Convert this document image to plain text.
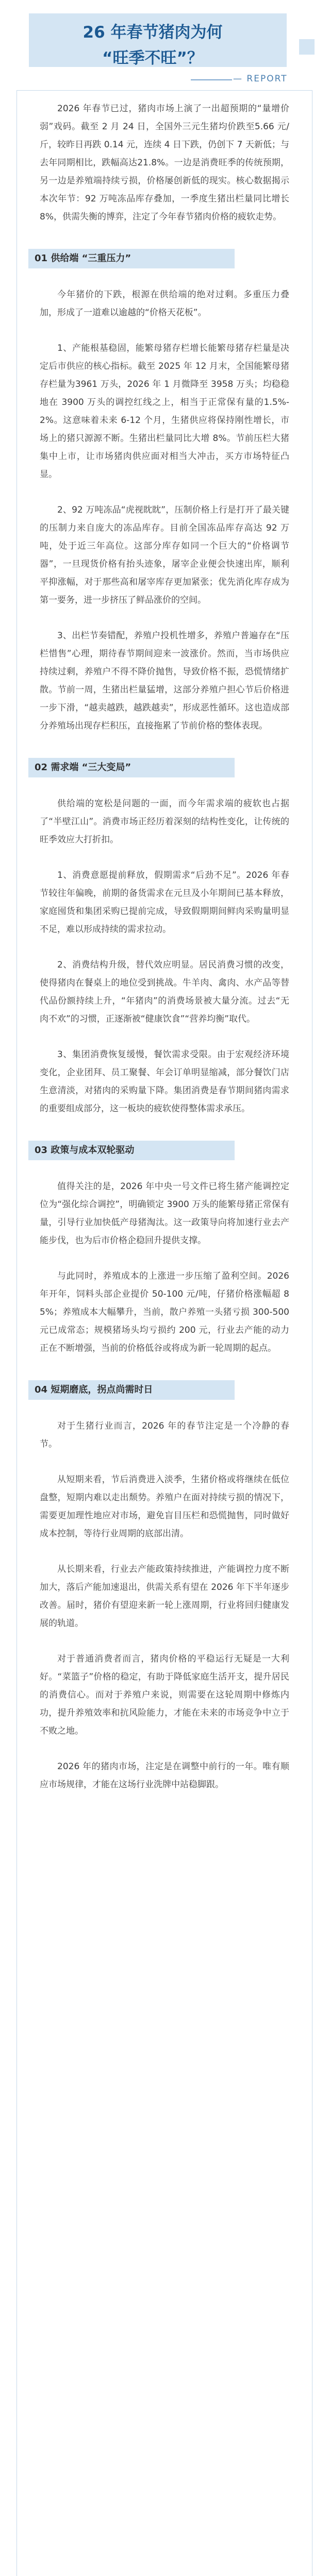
26 年春节猪肉为何
“旺季不旺”？
— REPORT

2026 年春节已过，猪肉市场上演了一出超预期的“量增价弱”戏码。截至 2 月 24 日，全国外三元生猪均价跌至5.66 元/斤，较昨日再跌 0.14 元，连续 4 日下跌，仍创下 7 天新低；与去年同期相比，跌幅高达21.8%。一边是消费旺季的传统预期，另一边是养殖端持续亏损，价格屡创新低的现实。核心数据揭示本次年节：92 万吨冻品库存叠加，一季度生猪出栏量同比增长 8%，供需失衡的博弈，注定了今年春节猪肉价格的疲软走势。

01 供给端 “三重压力”

今年猪价的下跌，根源在供给端的绝对过剩。多重压力叠加，形成了一道难以逾越的“价格天花板”。

1、产能根基稳固，能繁母猪存栏增长能繁母猪存栏量是决定后市供应的核心指标。截至 2025 年 12 月末，全国能繁母猪存栏量为3961 万头，2026 年 1 月微降至 3958 万头；均稳稳地在 3900 万头的调控红线之上，相当于正常保有量的1.5%-2%。这意味着未来 6-12 个月，生猪供应将保持刚性增长，市场上的猪只源源不断。生猪出栏量同比大增 8%。节前压栏大猪集中上市，让市场猪肉供应面对相当大冲击，买方市场特征凸显。

2、92 万吨冻品“虎视眈眈”，压制价格上行是打开了最关键的压制力来自庞大的冻品库存。目前全国冻品库存高达 92 万吨，处于近三年高位。这部分库存如同一个巨大的“价格调节器”，一旦现货价格有抬头迹象，屠宰企业便会快速出库，顺利平抑涨幅，对于那些高和屠宰库存更加紧张；优先消化库存成为第一要务，进一步挤压了鲜品涨价的空间。

3、出栏节奏错配，养殖户投机性增多，养殖户普遍存在“压栏惜售”心理，期待春节期间迎来一波涨价。然而，当市场供应持续过剩，养殖户不得不降价抛售，导致价格不振，恐慌情绪扩散。节前一周，生猪出栏量猛增，这部分养殖户担心节后价格进一步下滑，“越卖越跌，越跌越卖”，形成恶性循环。这也造成部分养殖场出现存栏积压，直接拖累了节前价格的整体表现。

02 需求端 “三大变局”

供给端的宽松是问题的一面，而今年需求端的疲软也占据了“半壁江山”。消费市场正经历着深刻的结构性变化，让传统的旺季效应大打折扣。

1、消费意愿提前释放，假期需求“后劲不足”。2026 年春节较往年偏晚，前期的备货需求在元旦及小年期间已基本释放，家庭囤货和集团采购已提前完成，导致假期期间鲜肉采购量明显不足，难以形成持续的需求拉动。

2、消费结构升级，替代效应明显。居民消费习惯的改变，使得猪肉在餐桌上的地位受到挑战。牛羊肉、禽肉、水产品等替代品份额持续上升，“年猪肉”的消费场景被大量分流。过去“无肉不欢”的习惯，正逐渐被“健康饮食”“营养均衡”取代。

3、集团消费恢复缓慢，餐饮需求受限。由于宏观经济环境变化，企业团拜、员工聚餐、年会订单明显缩减，部分餐饮门店生意清淡，对猪肉的采购量下降。集团消费是春节期间猪肉需求的重要组成部分，这一板块的疲软使得整体需求承压。

03 政策与成本双轮驱动

值得关注的是，2026 年中央一号文件已将生猪产能调控定位为“强化综合调控”，明确锁定 3900 万头的能繁母猪正常保有量，引导行业加快低产母猪淘汰。这一政策导向将加速行业去产能步伐，也为后市价格企稳回升提供支撑。

与此同时，养殖成本的上涨进一步压缩了盈利空间。2026 年开年，饲料头部企业提价 50-100 元/吨，仔猪价格涨幅超 85%；养殖成本大幅攀升，当前，散户养殖一头猪亏损 300-500 元已成常态；规模猪场头均亏损约 200 元，行业去产能的动力正在不断增强，当前的价格低谷或将成为新一轮周期的起点。

04 短期磨底，拐点尚需时日

对于生猪行业而言，2026 年的春节注定是一个冷静的春节。

从短期来看，节后消费进入淡季，生猪价格或将继续在低位盘整，短期内难以走出颓势。养殖户在面对持续亏损的情况下，需要更加理性地应对市场，避免盲目压栏和恐慌抛售，同时做好成本控制，等待行业周期的底部出清。

从长期来看，行业去产能政策持续推进，产能调控力度不断加大，落后产能加速退出，供需关系有望在 2026 年下半年逐步改善。届时，猪价有望迎来新一轮上涨周期，行业将回归健康发展的轨道。

对于普通消费者而言，猪肉价格的平稳运行无疑是一大利好。“菜篮子”价格的稳定，有助于降低家庭生活开支，提升居民的消费信心。而对于养殖户来说，则需要在这轮周期中修炼内功，提升养殖效率和抗风险能力，才能在未来的市场竞争中立于不败之地。

2026 年的猪肉市场，注定是在调整中前行的一年。唯有顺应市场规律，才能在这场行业洗牌中站稳脚跟。
